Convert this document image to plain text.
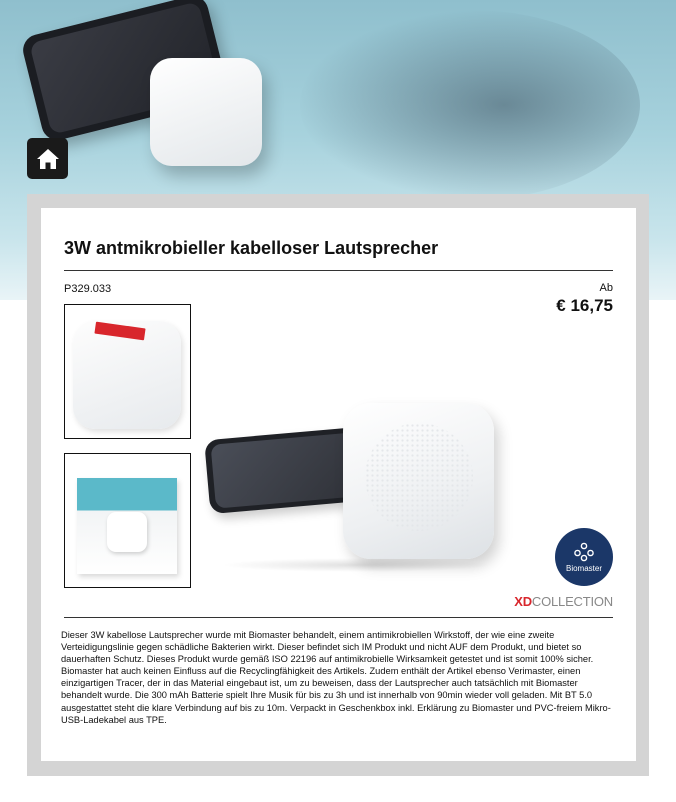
3W antmikrobieller kabelloser Lautsprecher
P329.033	Ab
€ 16,75
Biomaster
XDCOLLECTION

Dieser 3W kabellose Lautsprecher wurde mit Biomaster behandelt, einem antimikrobiellen Wirkstoff, der wie eine zweite Verteidigungslinie gegen schädliche Bakterien wirkt. Dieser befindet sich IM Produkt und nicht AUF dem Produkt, und bietet so dauerhaften Schutz. Dieses Produkt wurde gemäß ISO 22196 auf antimikrobielle Wirksamkeit getestet und ist somit 100% sicher. Biomaster hat auch keinen Einfluss auf die Recyclingfähigkeit des Artikels. Zudem enthält der Artikel ebenso Verimaster, einen einzigartigen Tracer, der in das Material eingebaut ist, um zu beweisen, dass der Lautsprecher auch tatsächlich mit Biomaster behandelt wurde. Die 300 mAh Batterie spielt Ihre Musik für bis zu 3h und ist innerhalb von 90min wieder voll geladen. Mit BT 5.0 ausgestattet steht die klare Verbindung auf bis zu 10m. Verpackt in Geschenkbox inkl. Erklärung zu Biomaster und PVC-freiem Mikro-USB-Ladekabel aus TPE.
